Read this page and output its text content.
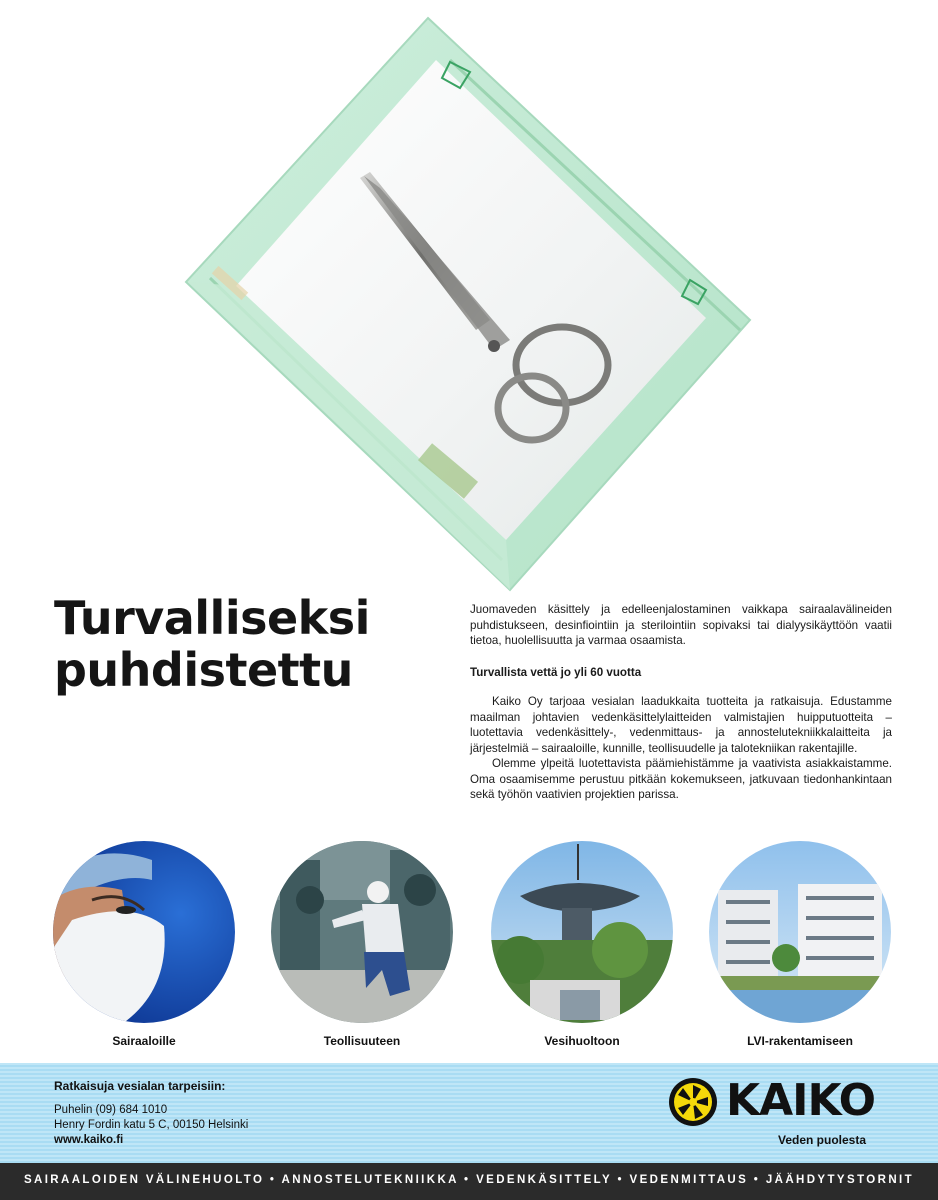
Turvalliseksi
puhdistettu

Juomaveden käsittely ja edelleenjalostaminen vaikkapa sairaalavälineiden puhdistukseen, desinfiointiin ja sterilointiin sopivaksi tai dialyysikäyttöön vaatii tietoa, huolellisuutta ja varmaa osaamista.

Turvallista vettä jo yli 60 vuotta

Kaiko Oy tarjoaa vesialan laadukkaita tuotteita ja ratkaisuja. Edustamme maailman johtavien vedenkäsittelylaitteiden valmistajien huipputuotteita – luotettavia vedenkäsittely-, vedenmittaus- ja annostelutekniikkalaitteita ja järjestelmiä – sairaaloille, kunnille, teollisuudelle ja talotekniikan rakentajille.

Olemme ylpeitä luotettavista päämiehistämme ja vaativista asiakkaistamme. Oma osaamisemme perustuu pitkään kokemukseen, jatkuvaan tiedonhankintaan sekä työhön vaativien projektien parissa.

Sairaaloille	Teollisuuteen	Vesihuoltoon	LVI-rakentamiseen
Ratkaisuja vesialan tarpeisiin:
Puhelin (09) 684 1010
Henry Fordin katu 5 C, 00150 Helsinki
www.kaiko.fi
KAIKO
Veden puolesta
SAIRAALOIDEN VÄLINEHUOLTO • ANNOSTELUTEKNIIKKA • VEDENKÄSITTELY • VEDENMITTAUS • JÄÄHDYTYSTORNIT
